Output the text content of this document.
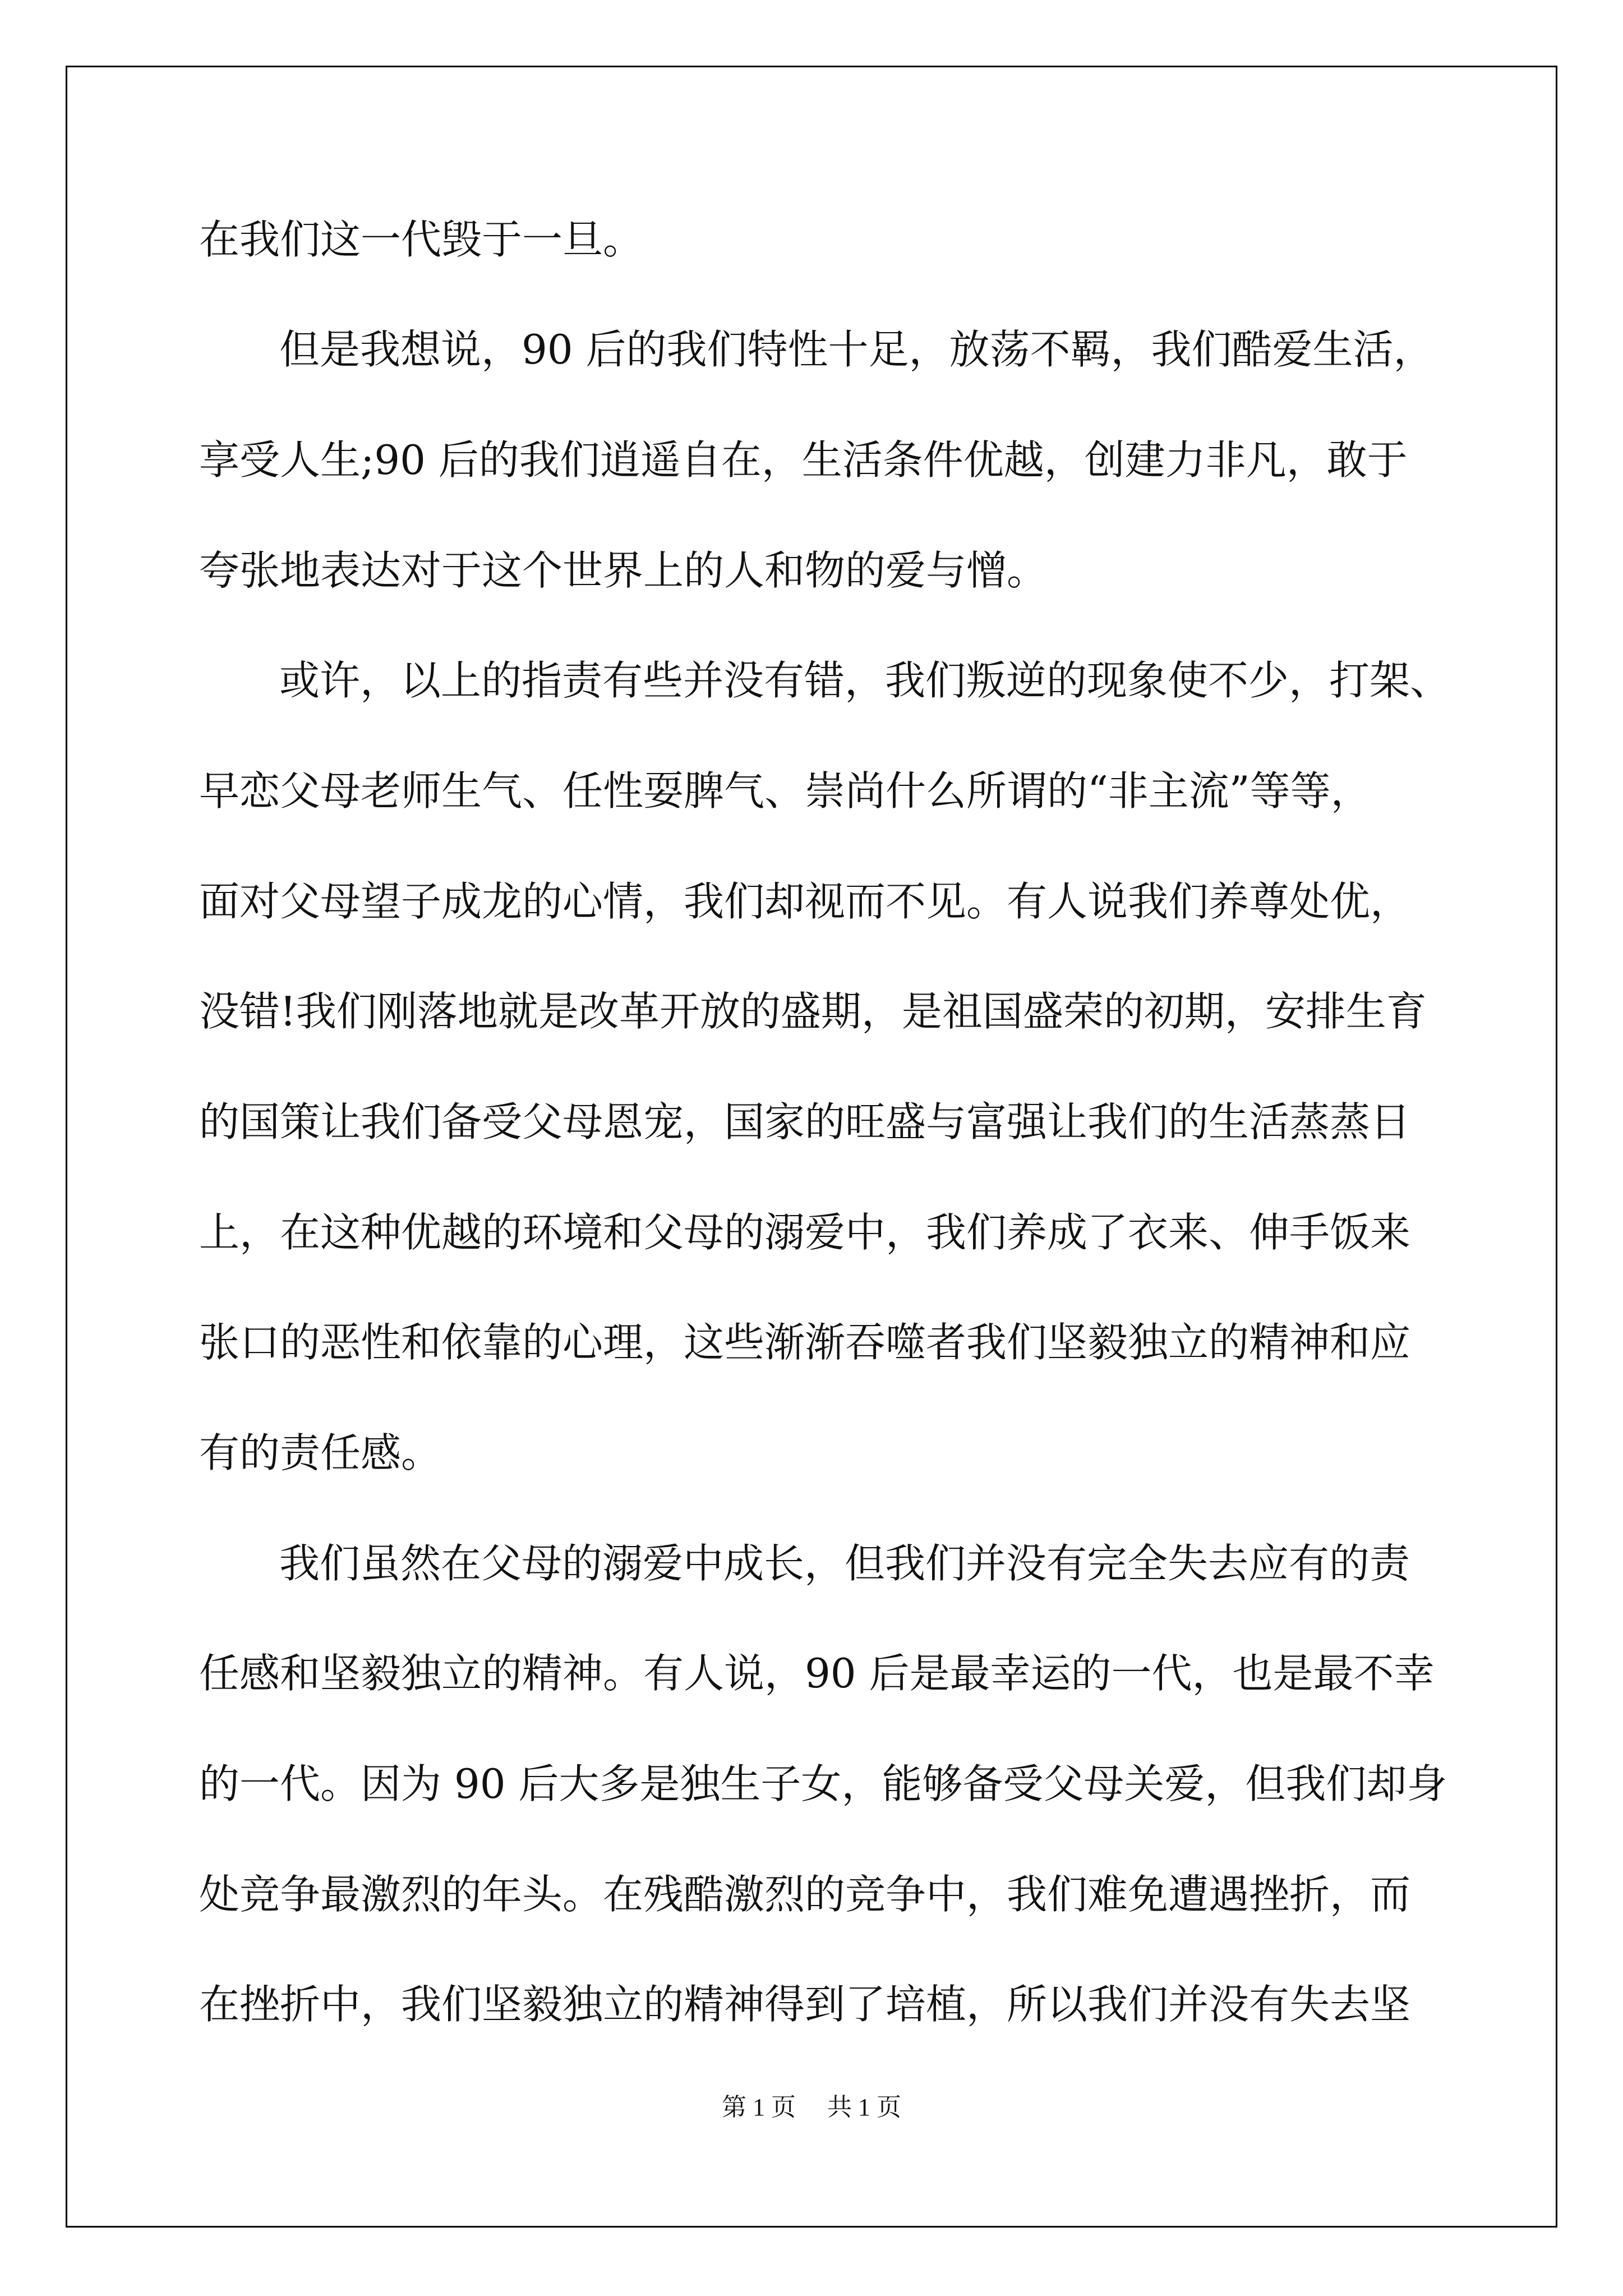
在我们这一代毁于一旦。
但是我想说，90 后的我们特性十足，放荡不羁，我们酷爱生活，
享受人生;90 后的我们逍遥自在，生活条件优越，创建力非凡，敢于
夸张地表达对于这个世界上的人和物的爱与憎。
或许，以上的指责有些并没有错，我们叛逆的现象使不少，打架、
早恋父母老师生气、任性耍脾气、崇尚什么所谓的“非主流”等等，
面对父母望子成龙的心情，我们却视而不见。有人说我们养尊处优，
没错!我们刚落地就是改革开放的盛期，是祖国盛荣的初期，安排生育
的国策让我们备受父母恩宠，国家的旺盛与富强让我们的生活蒸蒸日
上，在这种优越的环境和父母的溺爱中，我们养成了衣来、伸手饭来
张口的恶性和依靠的心理，这些渐渐吞噬者我们坚毅独立的精神和应
有的责任感。
我们虽然在父母的溺爱中成长，但我们并没有完全失去应有的责
任感和坚毅独立的精神。有人说，90 后是最幸运的一代，也是最不幸
的一代。因为 90 后大多是独生子女，能够备受父母关爱，但我们却身
处竞争最激烈的年头。在残酷激烈的竞争中，我们难免遭遇挫折，而
在挫折中，我们坚毅独立的精神得到了培植，所以我们并没有失去坚
第 1 页 共 1 页
